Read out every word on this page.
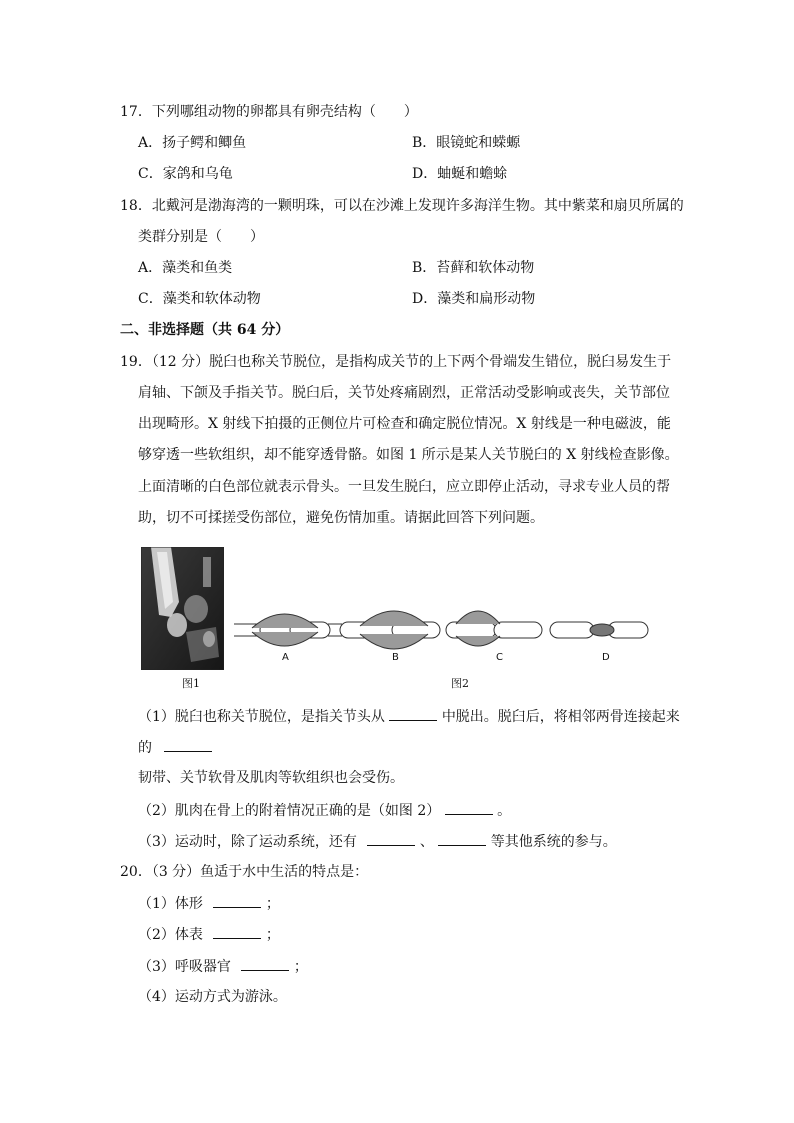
17．下列哪组动物的卵都具有卵壳结构（　　）
A．扬子鳄和鲫鱼	B．眼镜蛇和蝾螈
C．家鸽和乌龟	D．蚰蜒和蟾蜍
18．北戴河是渤海湾的一颗明珠，可以在沙滩上发现许多海洋生物。其中紫菜和扇贝所属的
类群分别是（　　）
A．藻类和鱼类	B．苔藓和软体动物
C．藻类和软体动物	D．藻类和扁形动物
二、非选择题（共 64 分）
19．（12 分）脱臼也称关节脱位，是指构成关节的上下两个骨端发生错位，脱臼易发生于
肩轴、下颌及手指关节。脱臼后，关节处疼痛剧烈，正常活动受影响或丧失，关节部位
出现畸形。X 射线下拍摄的正侧位片可检查和确定脱位情况。X 射线是一种电磁波，能
够穿透一些软组织，却不能穿透骨骼。如图 1 所示是某人关节脱臼的 X 射线检查影像。
上面清晰的白色部位就表示骨头。一旦发生脱臼，应立即停止活动，寻求专业人员的帮
助，切不可揉搓受伤部位，避免伤情加重。请据此回答下列问题。
A	B	C	D
图1	图2
（1）脱臼也称关节脱位，是指关节头从	中脱出。脱臼后，将相邻两骨连接起来
的
韧带、关节软骨及肌肉等软组织也会受伤。
（2）肌肉在骨上的附着情况正确的是（如图 2）	。
（3）运动时，除了运动系统，还有	、	等其他系统的参与。
20．（3 分）鱼适于水中生活的特点是：
（1）体形	；
（2）体表	；
（3）呼吸器官	；
（4）运动方式为游泳。
